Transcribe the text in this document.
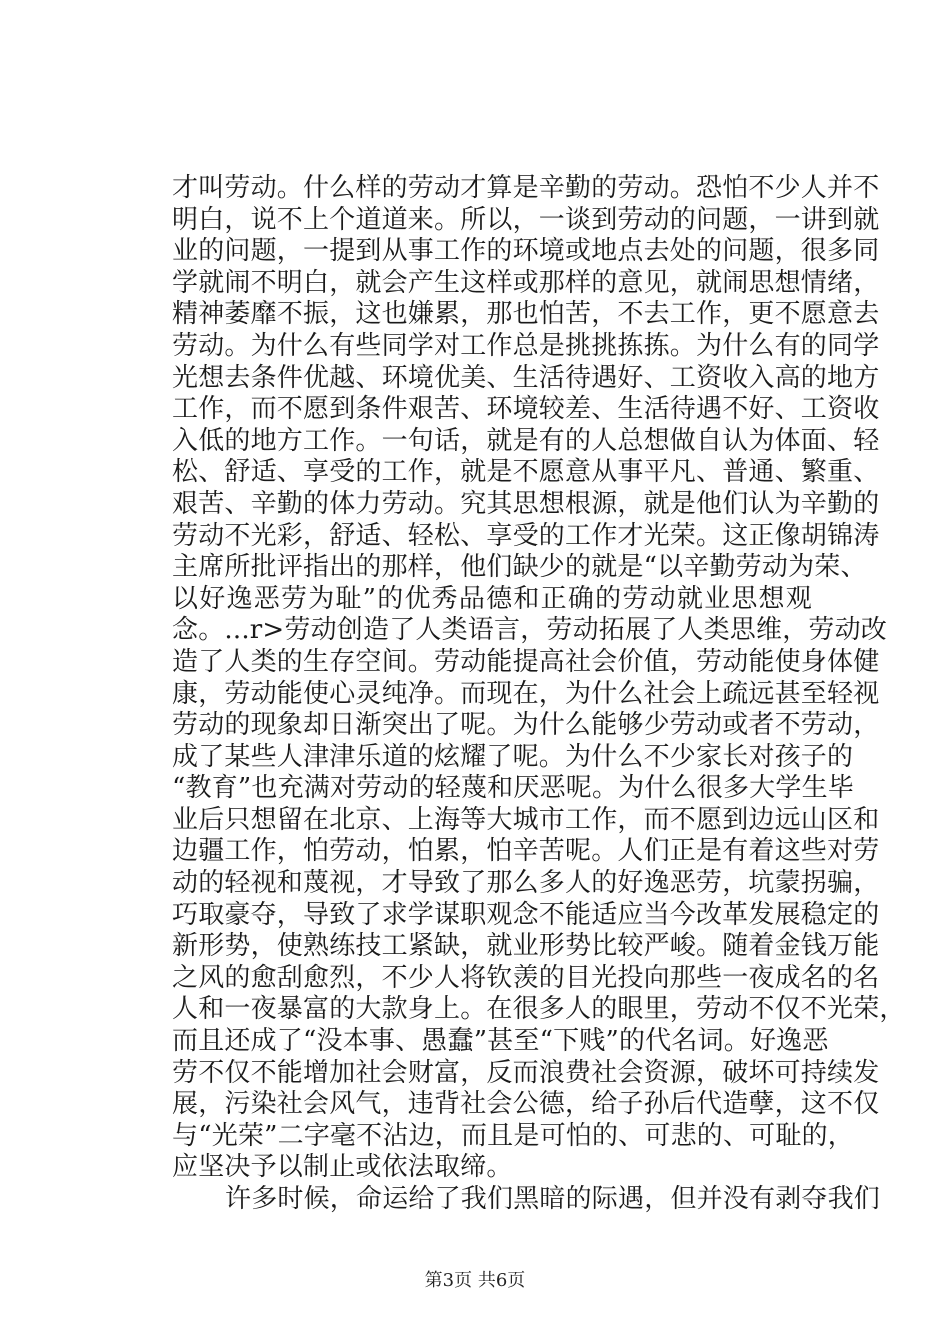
才叫劳动。什么样的劳动才算是辛勤的劳动。恐怕不少人并不
明白，说不上个道道来。所以，一谈到劳动的问题，一讲到就
业的问题，一提到从事工作的环境或地点去处的问题，很多同
学就闹不明白，就会产生这样或那样的意见，就闹思想情绪，
精神萎靡不振，这也嫌累，那也怕苦，不去工作，更不愿意去
劳动。为什么有些同学对工作总是挑挑拣拣。为什么有的同学
光想去条件优越、环境优美、生活待遇好、工资收入高的地方
工作，而不愿到条件艰苦、环境较差、生活待遇不好、工资收
入低的地方工作。一句话，就是有的人总想做自认为体面、轻
松、舒适、享受的工作，就是不愿意从事平凡、普通、繁重、
艰苦、辛勤的体力劳动。究其思想根源，就是他们认为辛勤的
劳动不光彩，舒适、轻松、享受的工作才光荣。这正像胡锦涛
主席所批评指出的那样，他们缺少的就是“以辛勤劳动为荣、
以好逸恶劳为耻”的优秀品德和正确的劳动就业思想观
念。...r>劳动创造了人类语言，劳动拓展了人类思维，劳动改
造了人类的生存空间。劳动能提高社会价值，劳动能使身体健
康，劳动能使心灵纯净。而现在，为什么社会上疏远甚至轻视
劳动的现象却日渐突出了呢。为什么能够少劳动或者不劳动，
成了某些人津津乐道的炫耀了呢。为什么不少家长对孩子的
“教育”也充满对劳动的轻蔑和厌恶呢。为什么很多大学生毕
业后只想留在北京、上海等大城市工作，而不愿到边远山区和
边疆工作，怕劳动，怕累，怕辛苦呢。人们正是有着这些对劳
动的轻视和蔑视，才导致了那么多人的好逸恶劳，坑蒙拐骗，
巧取豪夺，导致了求学谋职观念不能适应当今改革发展稳定的
新形势，使熟练技工紧缺，就业形势比较严峻。随着金钱万能
之风的愈刮愈烈，不少人将钦羡的目光投向那些一夜成名的名
人和一夜暴富的大款身上。在很多人的眼里，劳动不仅不光荣，
而且还成了“没本事、愚蠢”甚至“下贱”的代名词。好逸恶
劳不仅不能增加社会财富，反而浪费社会资源，破坏可持续发
展，污染社会风气，违背社会公德，给子孙后代造孽，这不仅
与“光荣”二字毫不沾边，而且是可怕的、可悲的、可耻的，
应坚决予以制止或依法取缔。
许多时候，命运给了我们黑暗的际遇，但并没有剥夺我们
第3页 共6页
